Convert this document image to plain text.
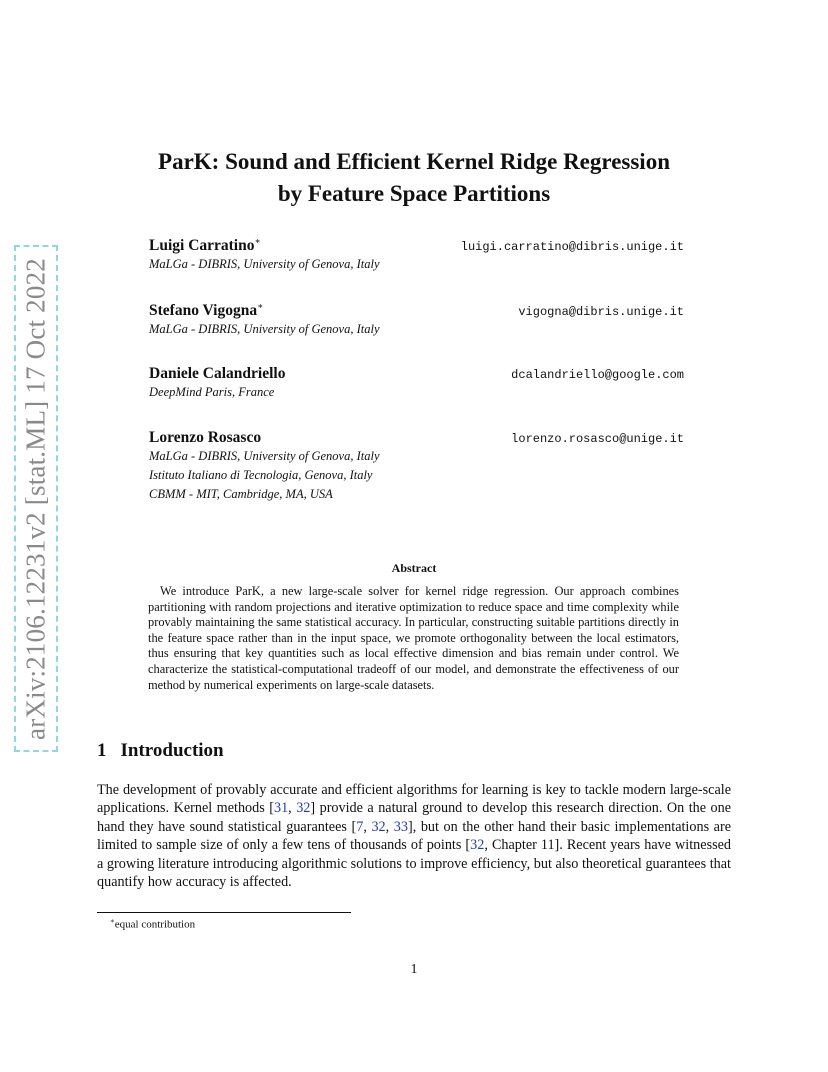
arXiv:2106.12231v2 [stat.ML] 17 Oct 2022
ParK: Sound and Efficient Kernel Ridge Regression
by Feature Space Partitions
Luigi Carratino∗	luigi.carratino@dibris.unige.it
MaLGa - DIBRIS, University of Genova, Italy
Stefano Vigogna∗	vigogna@dibris.unige.it
MaLGa - DIBRIS, University of Genova, Italy
Daniele Calandriello	dcalandriello@google.com
DeepMind Paris, France
Lorenzo Rosasco	lorenzo.rosasco@unige.it
MaLGa - DIBRIS, University of Genova, Italy
Istituto Italiano di Tecnologia, Genova, Italy
CBMM - MIT, Cambridge, MA, USA
Abstract
We introduce ParK, a new large-scale solver for kernel ridge regression. Our approach combines partitioning with random projections and iterative optimization to reduce space and time complexity while provably maintaining the same statistical accuracy. In particular, constructing suitable partitions directly in the feature space rather than in the input space, we promote orthogonality between the local estimators, thus ensuring that key quantities such as local effective dimension and bias remain under control. We characterize the statistical-computational tradeoff of our model, and demonstrate the effectiveness of our method by numerical experiments on large-scale datasets.
1 Introduction
The development of provably accurate and efficient algorithms for learning is key to tackle modern large-scale applications. Kernel methods [31, 32] provide a natural ground to develop this research direction. On the one hand they have sound statistical guarantees [7, 32, 33], but on the other hand their basic implementations are limited to sample size of only a few tens of thousands of points [32, Chapter 11]. Recent years have witnessed a growing literature introducing algorithmic solutions to improve efficiency, but also theoretical guarantees that quantify how accuracy is affected.
∗equal contribution
1
